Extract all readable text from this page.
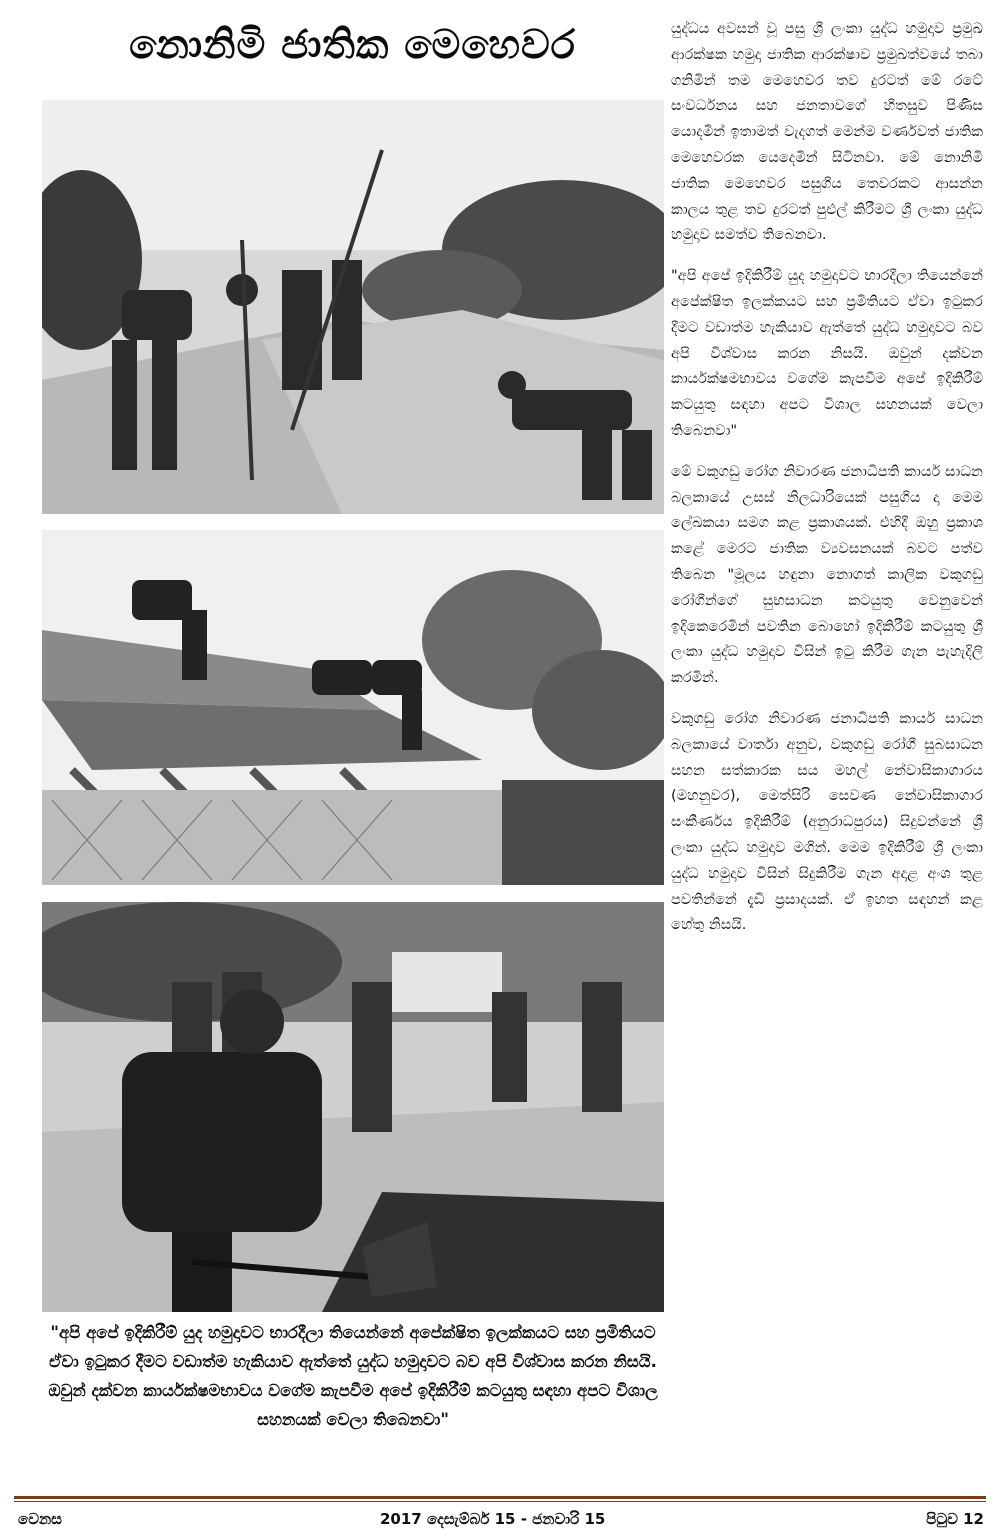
නොනිමි ජාතික මෙහෙවර
"අපි අපේ ඉදිකිරීම් යුද හමුදාවට භාරදීලා තියෙන්නේ අපේක්ෂිත ඉලක්කයට සහ ප්‍රමිතියට ඒවා ඉටුකර දීමට වඩාත්ම හැකියාව ඇත්තේ යුද්ධ හමුදාවට බව අපි විශ්වාස කරන නිසයි. ඔවුන් දක්වන කාර්යක්ෂමභාවය වගේම කැපවීම අපේ ඉදිකිරීම් කටයුතු සඳහා අපට විශාල සහනයක් වෙලා තිබෙනවා"

යුද්ධය අවසන් වූ පසු ශ්‍රී ලංකා යුද්ධ හමුදාව ප්‍රමුඛ ආරක්ෂක හමුදා ජාතික ආරක්ෂාව ප්‍රමුඛත්වයේ තබා ගනිමින් තම මෙහෙවර තව දුරටත් මේ රටේ සංවර්ධනය සහ ජනතාවගේ හිතසුව පිණිස යොදමින් ඉතාමත් වැදගත් මෙන්ම වර්ණවත් ජාතික මෙහෙවරක යෙදෙමින් සිටිනවා. මේ නොනිමි ජාතික මෙහෙවර පසුගිය තෙවරකට ආසන්න කාලය තුළ තව දුරටත් පුළුල් කිරීමට ශ්‍රී ලංකා යුද්ධ හමුදාව සමත්ව තිබෙනවා.

"අපි අපේ ඉදිකිරීම් යුද හමුදාවට භාරදීලා තියෙන්නේ අපේක්ෂිත ඉලක්කයට සහ ප්‍රමිතියට ඒවා ඉටුකර දීමට වඩාත්ම හැකියාව ඇත්තේ යුද්ධ හමුදාවට බව අපි විශ්වාස කරන නිසයි. ඔවුන් දක්වන කාර්යක්ෂමභාවය වගේම කැපවීම අපේ ඉදිකිරීම් කටයුතු සඳහා අපට විශාල සහනයක් වෙලා තිබෙනවා"

මේ වකුගඩු රෝග නිවාරණ ජනාධිපති කාර්ය සාධන බලකායේ උසස් නිලධාරියෙක් පසුගිය දා මෙම ලේඛකයා සමග කළ ප්‍රකාශයක්. එහිදී ඔහු ප්‍රකාශ කළේ මෙරට ජාතික ව්‍යවසනයක් බවට පත්ව තිබෙන "මූලය හඳුනා නොගත් කාලික වකුගඩු රෝගීන්ගේ සුභසාධන කටයුතු වෙනුවෙන් ඉදිකෙරෙමින් පවතින බොහෝ ඉදිකිරීම් කටයුතු ශ්‍රී ලංකා යුද්ධ හමුදාව විසින් ඉටු කිරීම ගැන පැහැදිලි කරමින්.

වකුගඩු රෝග නිවාරණ ජනාධිපති කාර්ය සාධන බලකායේ වාර්තා අනුව, වකුගඩු රෝගී සුබසාධන සහන සත්කාරක සය මහල් නේවාසිකාගාරය (මහනුවර), මෙත්සිරි සෙවණ නේවාසිකාගාර සංකීර්ණය ඉදිකිරීම් (අනුරාධපුරය) සිදුවන්නේ ශ්‍රී ලංකා යුද්ධ හමුදාව මගින්. මෙම ඉදිකිරීම් ශ්‍රී ලංකා යුද්ධ හමුදාව විසින් සිදුකිරීම ගැන අදාළ අංශ තුළ පවතින්නේ දැඩි ප්‍රසාදයක්. ඒ ඉහත සඳහන් කළ හේතු නිසයි.

වෙනස	2017 දෙසැම්බර් 15 - ජනවාරි 15	පිටුව 12
